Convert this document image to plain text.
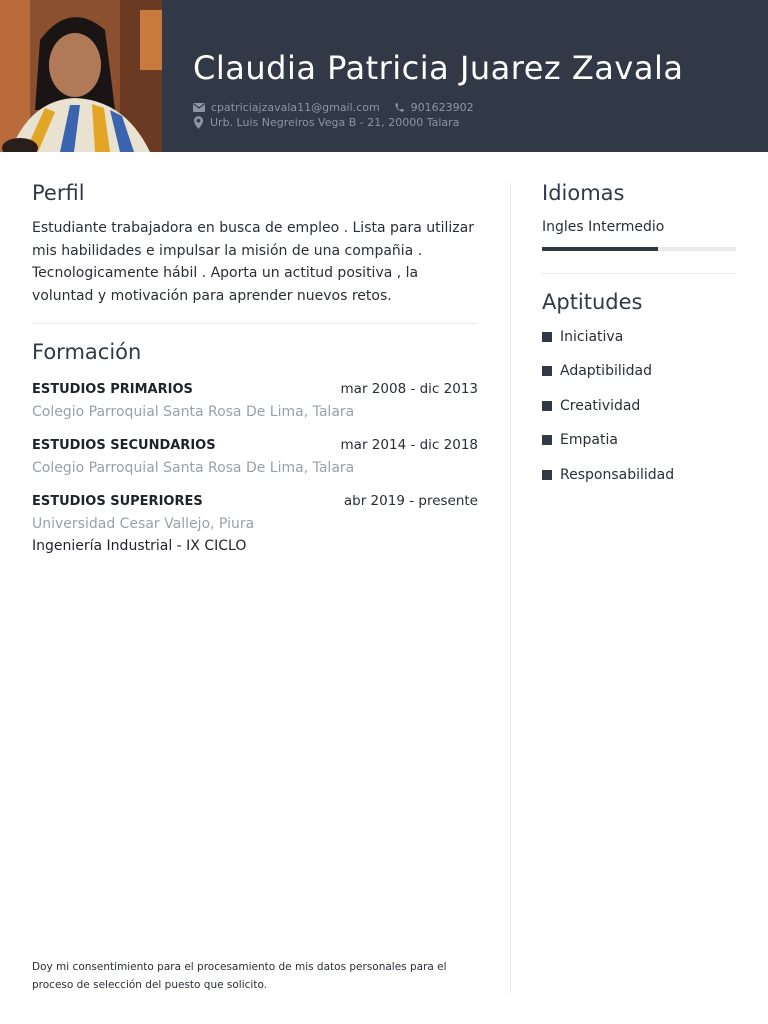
Claudia Patricia Juarez Zavala
cpatriciajzavala11@gmail.com	901623902
Urb. Luis Negreiros Vega B - 21, 20000 Talara
Perfil

Estudiante trabajadora en busca de empleo . Lista para utilizar mis habilidades e impulsar la misión de una compañia . Tecnologicamente hábil . Aporta un actitud positiva , la voluntad y motivación para aprender nuevos retos.

Formación
ESTUDIOS PRIMARIOS	mar 2008 - dic 2013
Colegio Parroquial Santa Rosa De Lima, Talara
ESTUDIOS SECUNDARIOS	mar 2014 - dic 2018
Colegio Parroquial Santa Rosa De Lima, Talara
ESTUDIOS SUPERIORES	abr 2019 - presente
Universidad Cesar Vallejo, Piura
Ingeniería Industrial - IX CICLO
Idiomas
Ingles Intermedio
Aptitudes
Iniciativa
Adaptibilidad
Creatividad
Empatia
Responsabilidad

Doy mi consentimiento para el procesamiento de mis datos personales para el proceso de selección del puesto que solicito.
